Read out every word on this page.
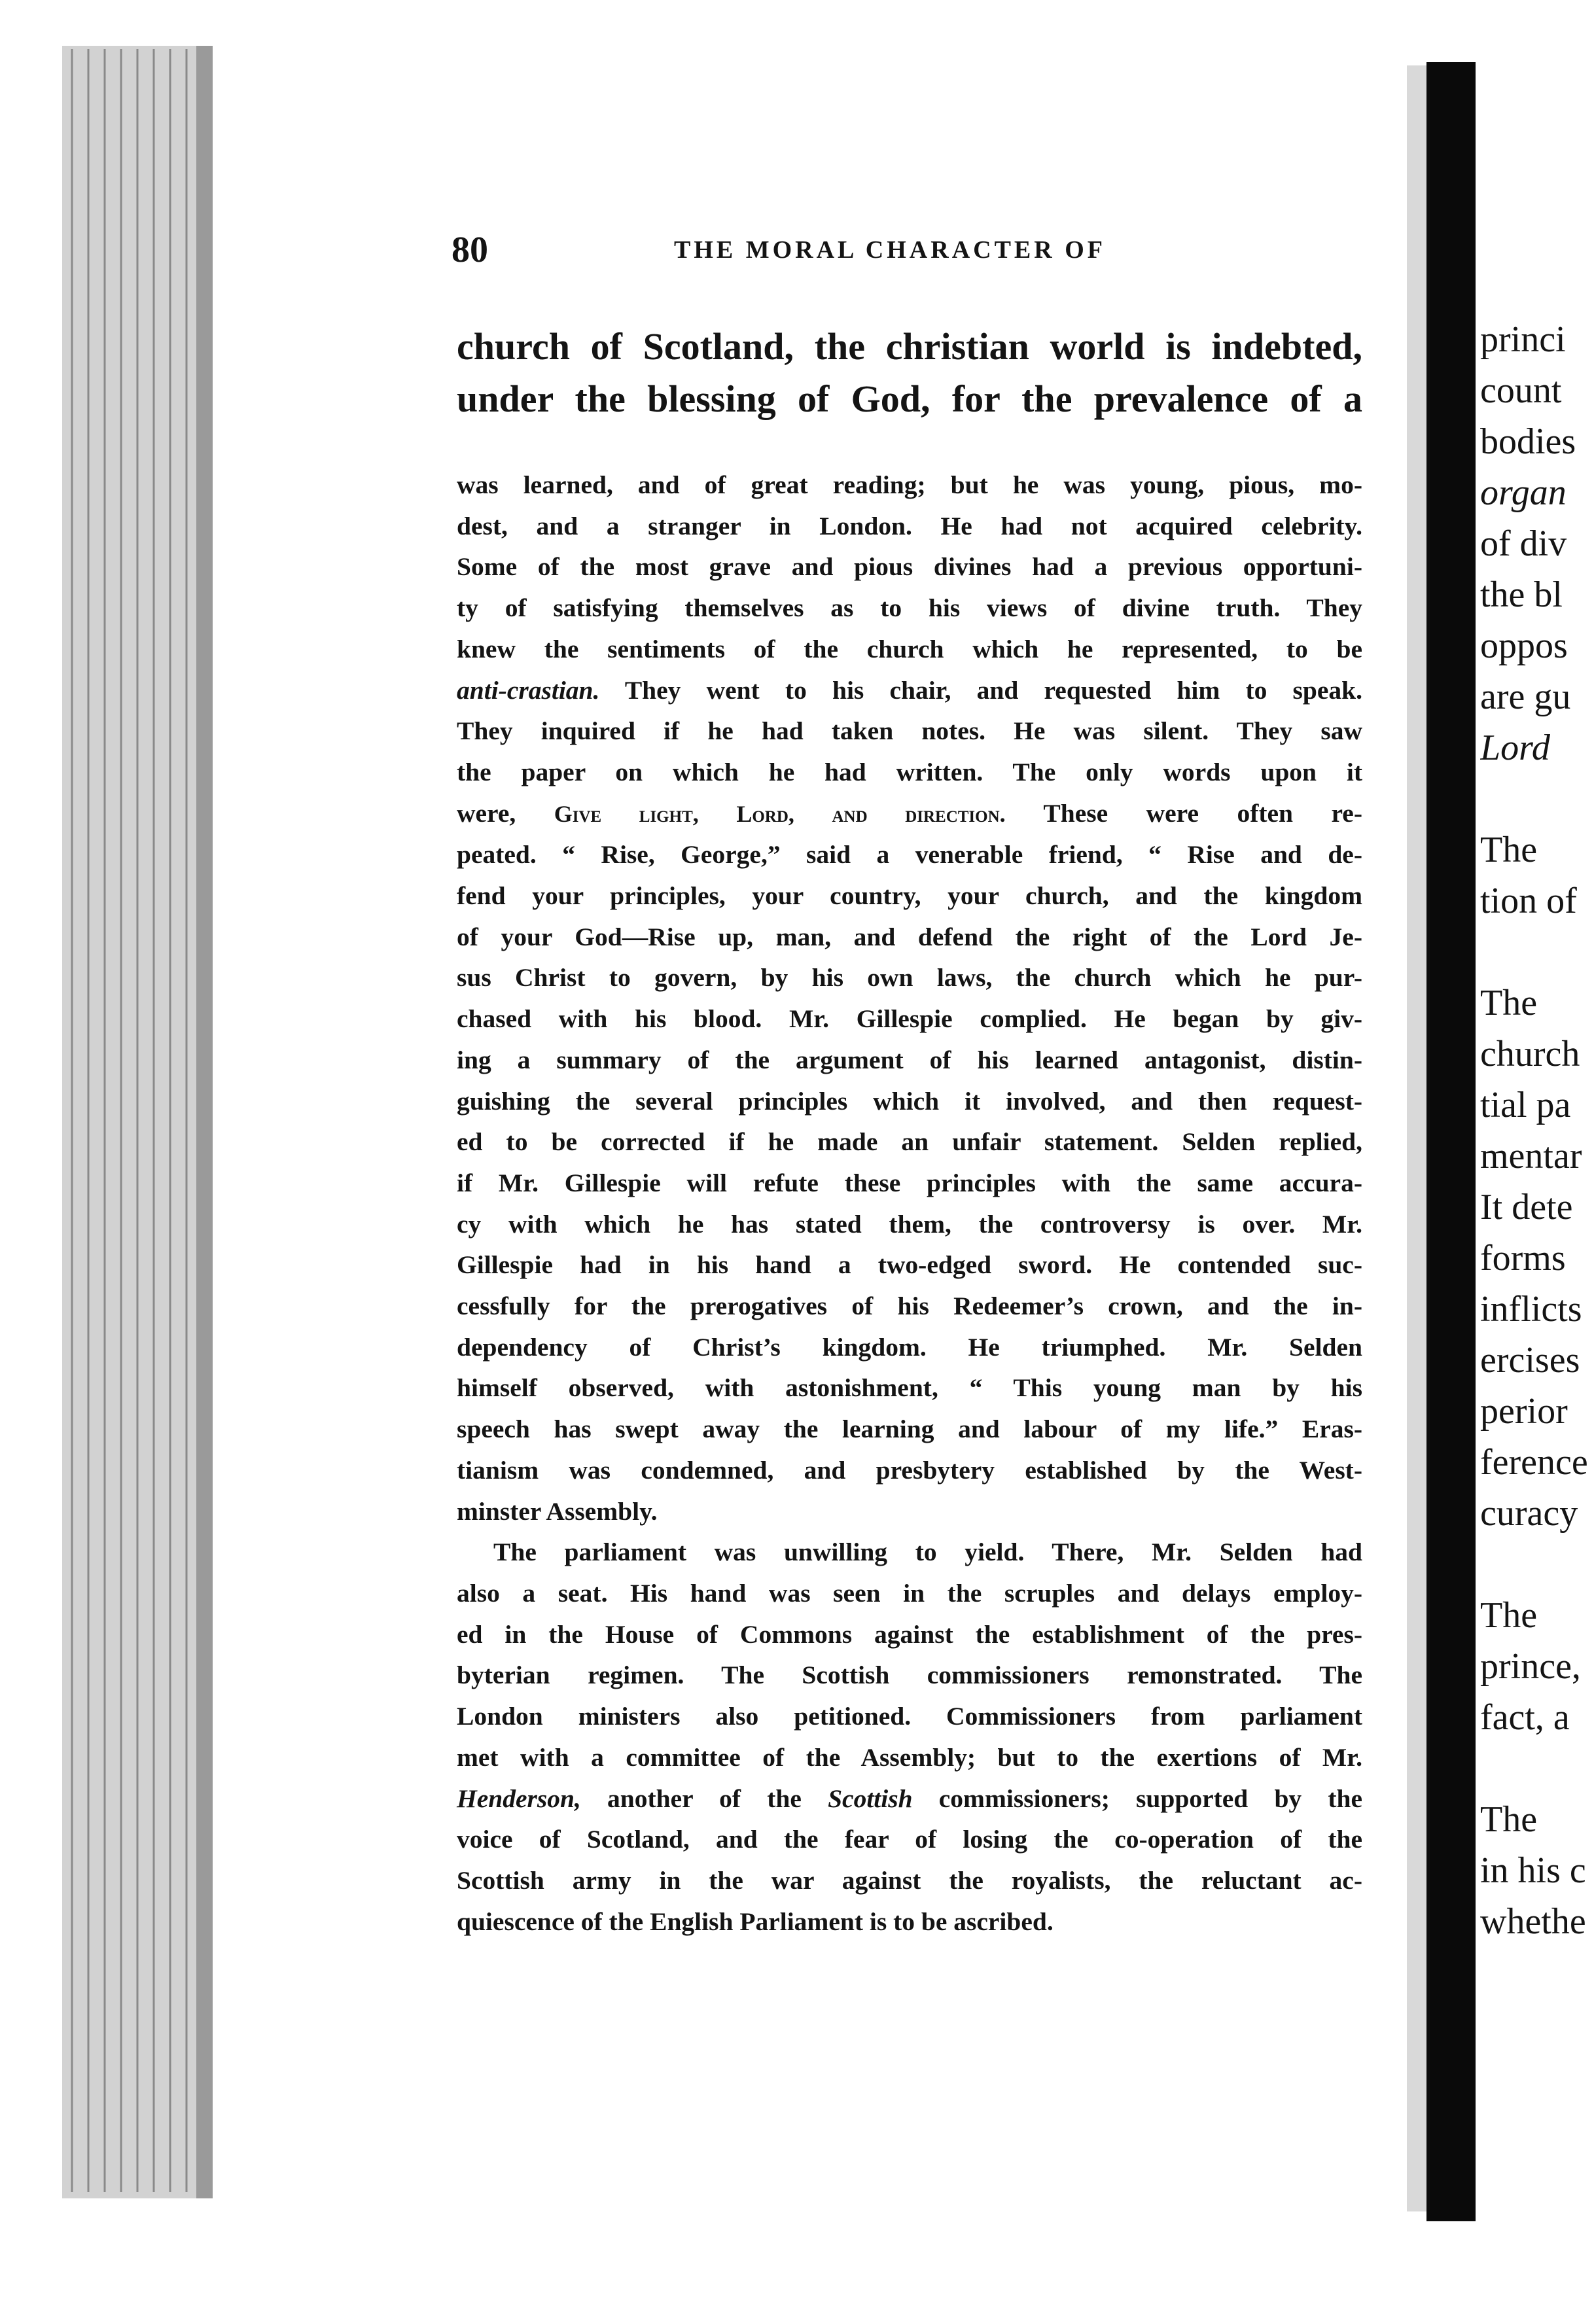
80	THE MORAL CHARACTER OF
church of Scotland, the christian world is indebted,
under the blessing of God, for the prevalence of a
was learned, and of great reading; but he was young, pious, mo-
dest, and a stranger in London. He had not acquired celebrity.
Some of the most grave and pious divines had a previous opportuni-
ty of satisfying themselves as to his views of divine truth. They
knew the sentiments of the church which he represented, to be
anti-crastian. They went to his chair, and requested him to speak.
They inquired if he had taken notes. He was silent. They saw
the paper on which he had written. The only words upon it
were, Give light, Lord, and direction. These were often re-
peated. “ Rise, George,” said a venerable friend, “ Rise and de-
fend your principles, your country, your church, and the kingdom
of your God—Rise up, man, and defend the right of the Lord Je-
sus Christ to govern, by his own laws, the church which he pur-
chased with his blood. Mr. Gillespie complied. He began by giv-
ing a summary of the argument of his learned antagonist, distin-
guishing the several principles which it involved, and then request-
ed to be corrected if he made an unfair statement. Selden replied,
if Mr. Gillespie will refute these principles with the same accura-
cy with which he has stated them, the controversy is over. Mr.
Gillespie had in his hand a two-edged sword. He contended suc-
cessfully for the prerogatives of his Redeemer’s crown, and the in-
dependency of Christ’s kingdom. He triumphed. Mr. Selden
himself observed, with astonishment, “ This young man by his
speech has swept away the learning and labour of my life.” Eras-
tianism was condemned, and presbytery established by the West-
minster Assembly.
The parliament was unwilling to yield. There, Mr. Selden had
also a seat. His hand was seen in the scruples and delays employ-
ed in the House of Commons against the establishment of the pres-
byterian regimen. The Scottish commissioners remonstrated. The
London ministers also petitioned. Commissioners from parliament
met with a committee of the Assembly; but to the exertions of Mr.
Henderson, another of the Scottish commissioners; supported by the
voice of Scotland, and the fear of losing the co-operation of the
Scottish army in the war against the royalists, the reluctant ac-
quiescence of the English Parliament is to be ascribed.
princi
count
bodies
organ
of div
the bl
oppos
are gu
Lord

The
tion of

The
church
tial pa
mentar
It dete
forms
inflicts
ercises
perior
ference
curacy

The
prince,
fact, a

The
in his c
whethe
